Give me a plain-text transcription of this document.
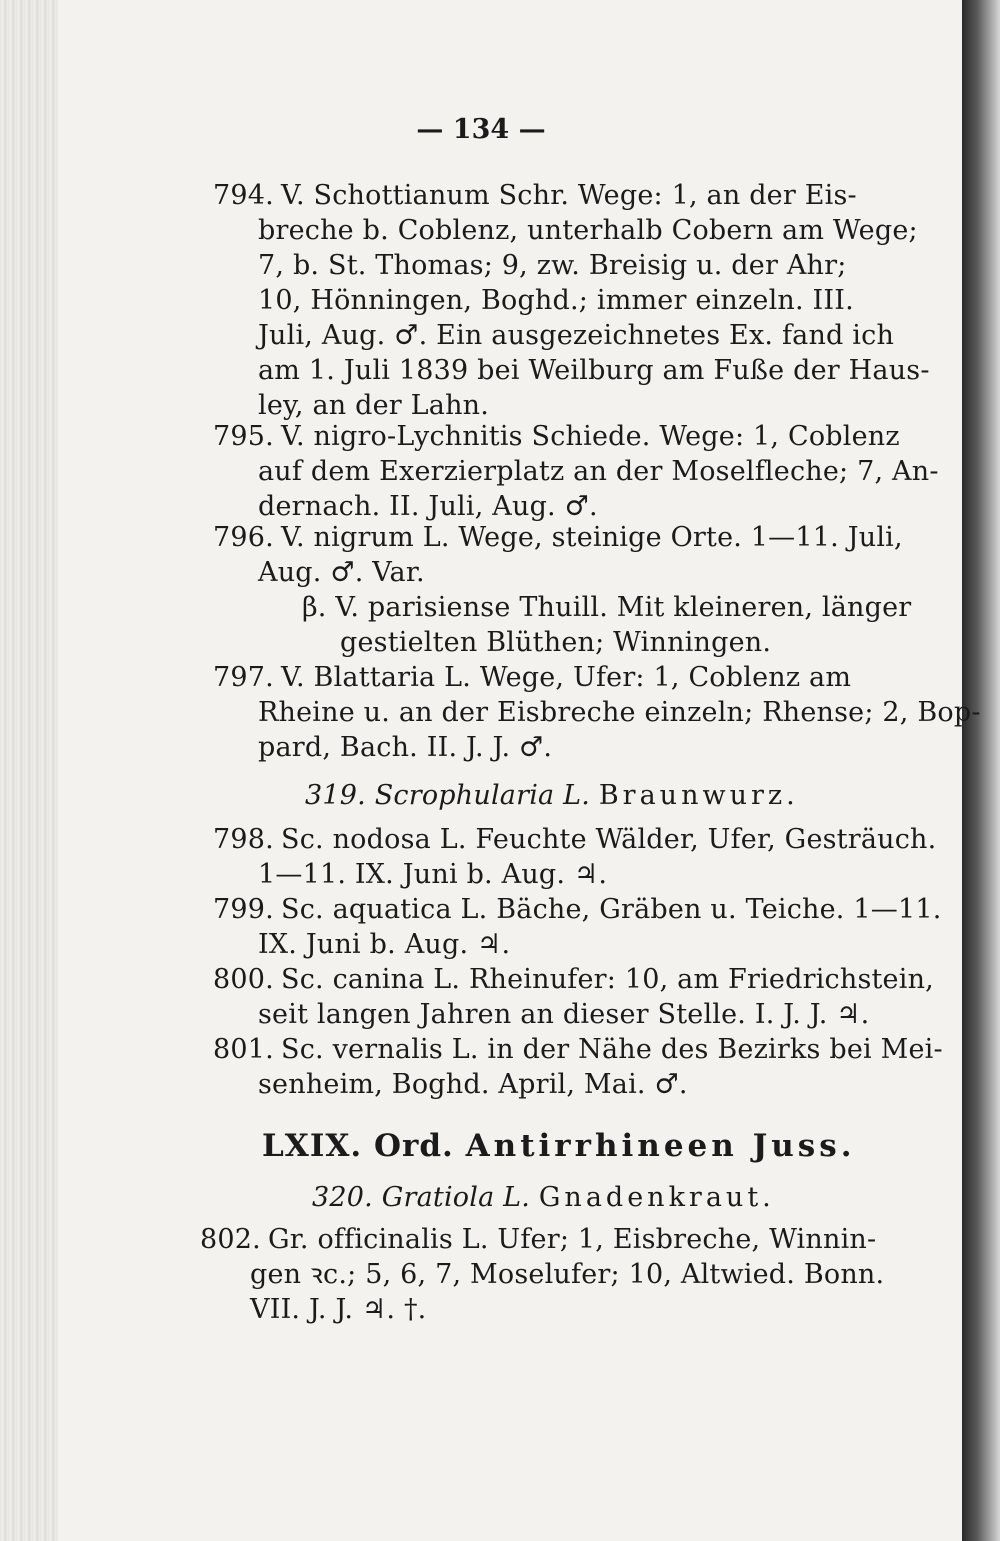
— 134 —
794. V. Schottianum Schr. Wege: 1, an der Eis-
breche b. Coblenz, unterhalb Cobern am Wege;
7, b. St. Thomas; 9, zw. Breisig u. der Ahr;
10, Hönningen, Boghd.; immer einzeln. III.
Juli, Aug. ♂. Ein ausgezeichnetes Ex. fand ich
am 1. Juli 1839 bei Weilburg am Fuße der Haus-
ley, an der Lahn.
795. V. nigro-Lychnitis Schiede. Wege: 1, Coblenz
auf dem Exerzierplatz an der Moselfleche; 7, An-
dernach. II. Juli, Aug. ♂.
796. V. nigrum L. Wege, steinige Orte. 1—11. Juli,
Aug. ♂. Var.
β. V. parisiense Thuill. Mit kleineren, länger
gestielten Blüthen; Winningen.
797. V. Blattaria L. Wege, Ufer: 1, Coblenz am
Rheine u. an der Eisbreche einzeln; Rhense; 2, Bop-
pard, Bach. II. J. J. ♂.
319. Scrophularia L. Braunwurz.
798. Sc. nodosa L. Feuchte Wälder, Ufer, Gesträuch.
1—11. IX. Juni b. Aug. ♃.
799. Sc. aquatica L. Bäche, Gräben u. Teiche. 1—11.
IX. Juni b. Aug. ♃.
800. Sc. canina L. Rheinufer: 10, am Friedrichstein,
seit langen Jahren an dieser Stelle. I. J. J. ♃.
801. Sc. vernalis L. in der Nähe des Bezirks bei Mei-
senheim, Boghd. April, Mai. ♂.
LXIX. Ord. Antirrhineen Juss.
320. Gratiola L. Gnadenkraut.
802. Gr. officinalis L. Ufer; 1, Eisbreche, Winnin-
gen ꝛc.; 5, 6, 7, Moselufer; 10, Altwied. Bonn.
VII. J. J. ♃. †.
